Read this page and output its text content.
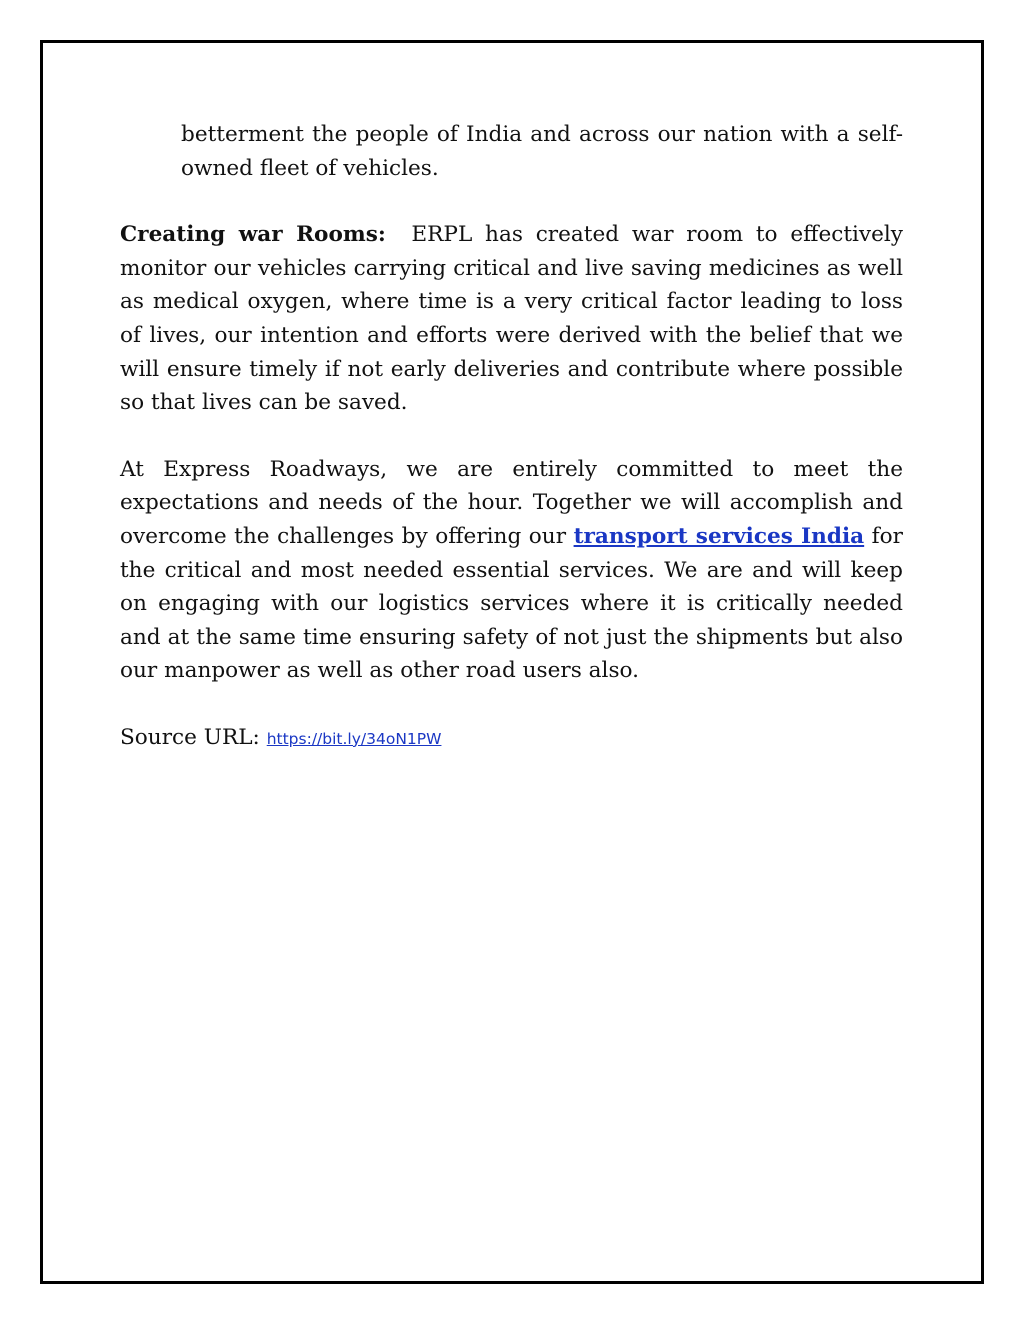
betterment the people of India and across our nation with a self-owned fleet of vehicles.

Creating war Rooms: ERPL has created war room to effectively monitor our vehicles carrying critical and live saving medicines as well as medical oxygen, where time is a very critical factor leading to loss of lives, our intention and efforts were derived with the belief that we will ensure timely if not early deliveries and contribute where possible so that lives can be saved.

At Express Roadways, we are entirely committed to meet the expectations and needs of the hour. Together we will accomplish and overcome the challenges by offering our transport services India for the critical and most needed essential services. We are and will keep on engaging with our logistics services where it is critically needed and at the same time ensuring safety of not just the shipments but also our manpower as well as other road users also.

Source URL: https://bit.ly/34oN1PW
